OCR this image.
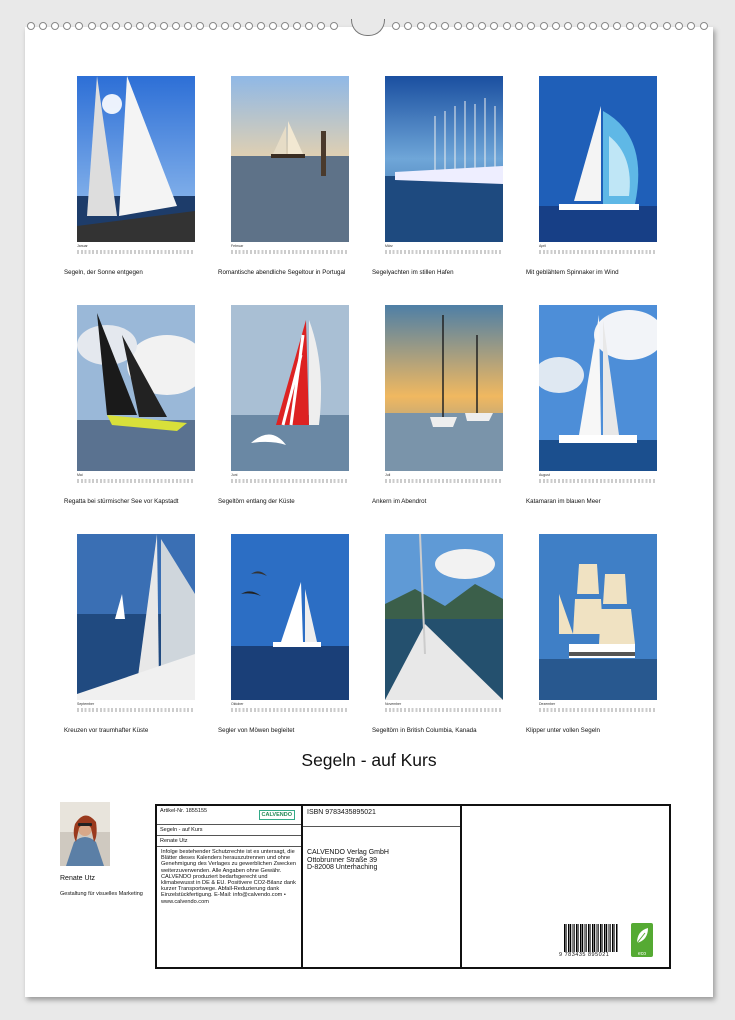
Januar
Segeln, der Sonne entgegen
Februar
Romantische abendliche Segeltour in Portugal
März
Segelyachten im stillen Hafen
April
Mit geblähtem Spinnaker im Wind
Mai
Regatta bei stürmischer See vor Kapstadt
Juni
Segeltörn entlang der Küste
Juli
Ankern im Abendrot
August
Katamaran im blauen Meer
September
Kreuzen vor traumhafter Küste
Oktober
Segler von Möwen begleitet
November
Segeltörn in British Columbia, Kanada
Dezember
Klipper unter vollen Segeln
Segeln - auf Kurs
Renate Utz
Gestaltung für visuelles Marketing
Artikel-Nr. 1855155
CALVENDO
Segeln - auf Kurs
Renate Utz
Infolge bestehender Schutzrechte ist es untersagt, die Blätter dieses Kalenders herauszutrennen und ohne Genehmigung des Verlages zu gewerblichen Zwecken weiterzuverwenden. Alle Angaben ohne Gewähr. CALVENDO produziert bedarfsgerecht und klimabewusst in DE & EU. Positivere CO2-Bilanz dank kurzer Transportwege. Abfall-Reduzierung dank Einzelstückfertigung. E-Mail: info@calvendo.com • www.calvendo.com
ISBN 9783435895021
CALVENDO Verlag GmbH
Ottobrunner Straße 39
D-82008 Unterhaching
9 783435 895021	eco
